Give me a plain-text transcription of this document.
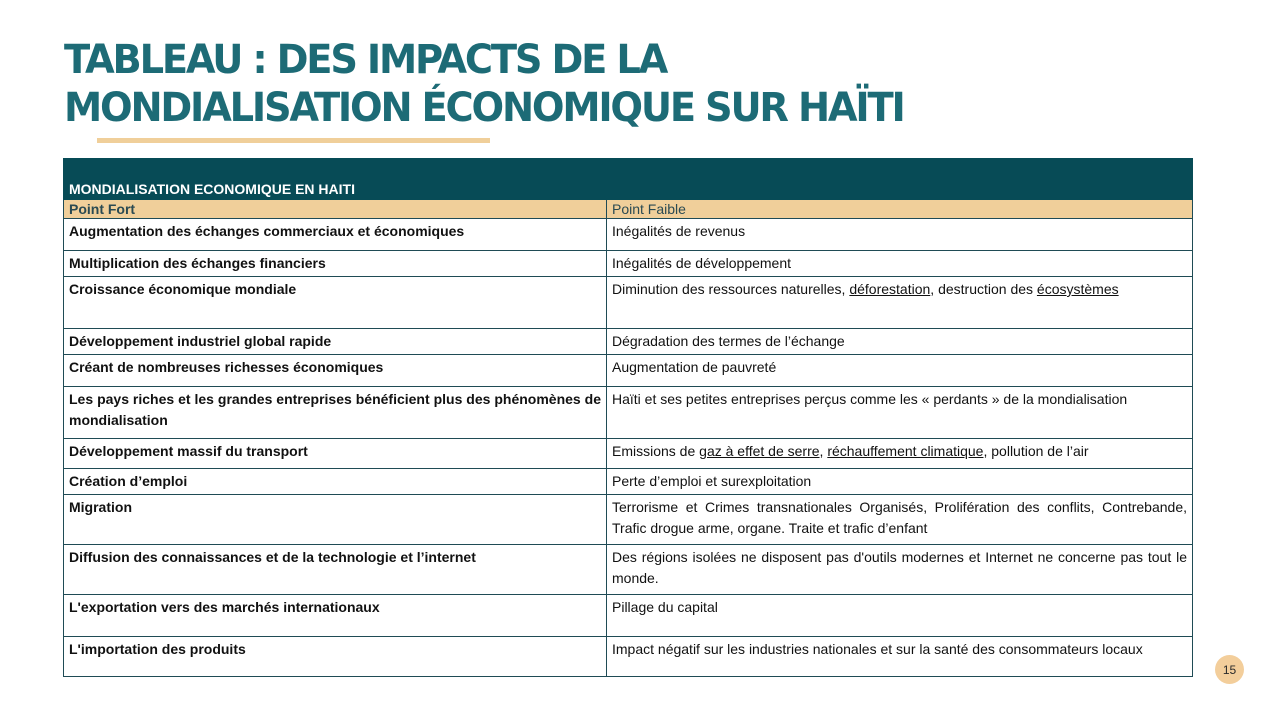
TABLEAU : DES IMPACTS DE LA
MONDIALISATION ÉCONOMIQUE SUR HAÏTI
MONDIALISATION ECONOMIQUE EN HAITI	
Point Fort	Point Faible
Augmentation des échanges commerciaux et économiques	Inégalités de revenus
Multiplication des échanges financiers	Inégalités de développement
Croissance économique mondiale	Diminution des ressources naturelles, déforestation, destruction des écosystèmes
Développement industriel global rapide	Dégradation des termes de l’échange
Créant de nombreuses richesses économiques	Augmentation de pauvreté
Les pays riches et les grandes entreprises bénéficient plus des phénomènes de mondialisation	Haïti et ses petites entreprises perçus comme les « perdants » de la mondialisation
Développement massif du transport	Emissions de gaz à effet de serre, réchauffement climatique, pollution de l’air
Création d’emploi	Perte d’emploi et surexploitation
Migration	Terrorisme et Crimes transnationales Organisés, Prolifération des conflits, Contrebande, Trafic drogue arme, organe. Traite et trafic d’enfant
Diffusion des connaissances et de la technologie et l’internet	Des régions isolées ne disposent pas d'outils modernes et Internet ne concerne pas tout le monde.
L'exportation vers des marchés internationaux	Pillage du capital
L'importation des produits	Impact négatif sur les industries nationales et sur la santé des consommateurs locaux
15
